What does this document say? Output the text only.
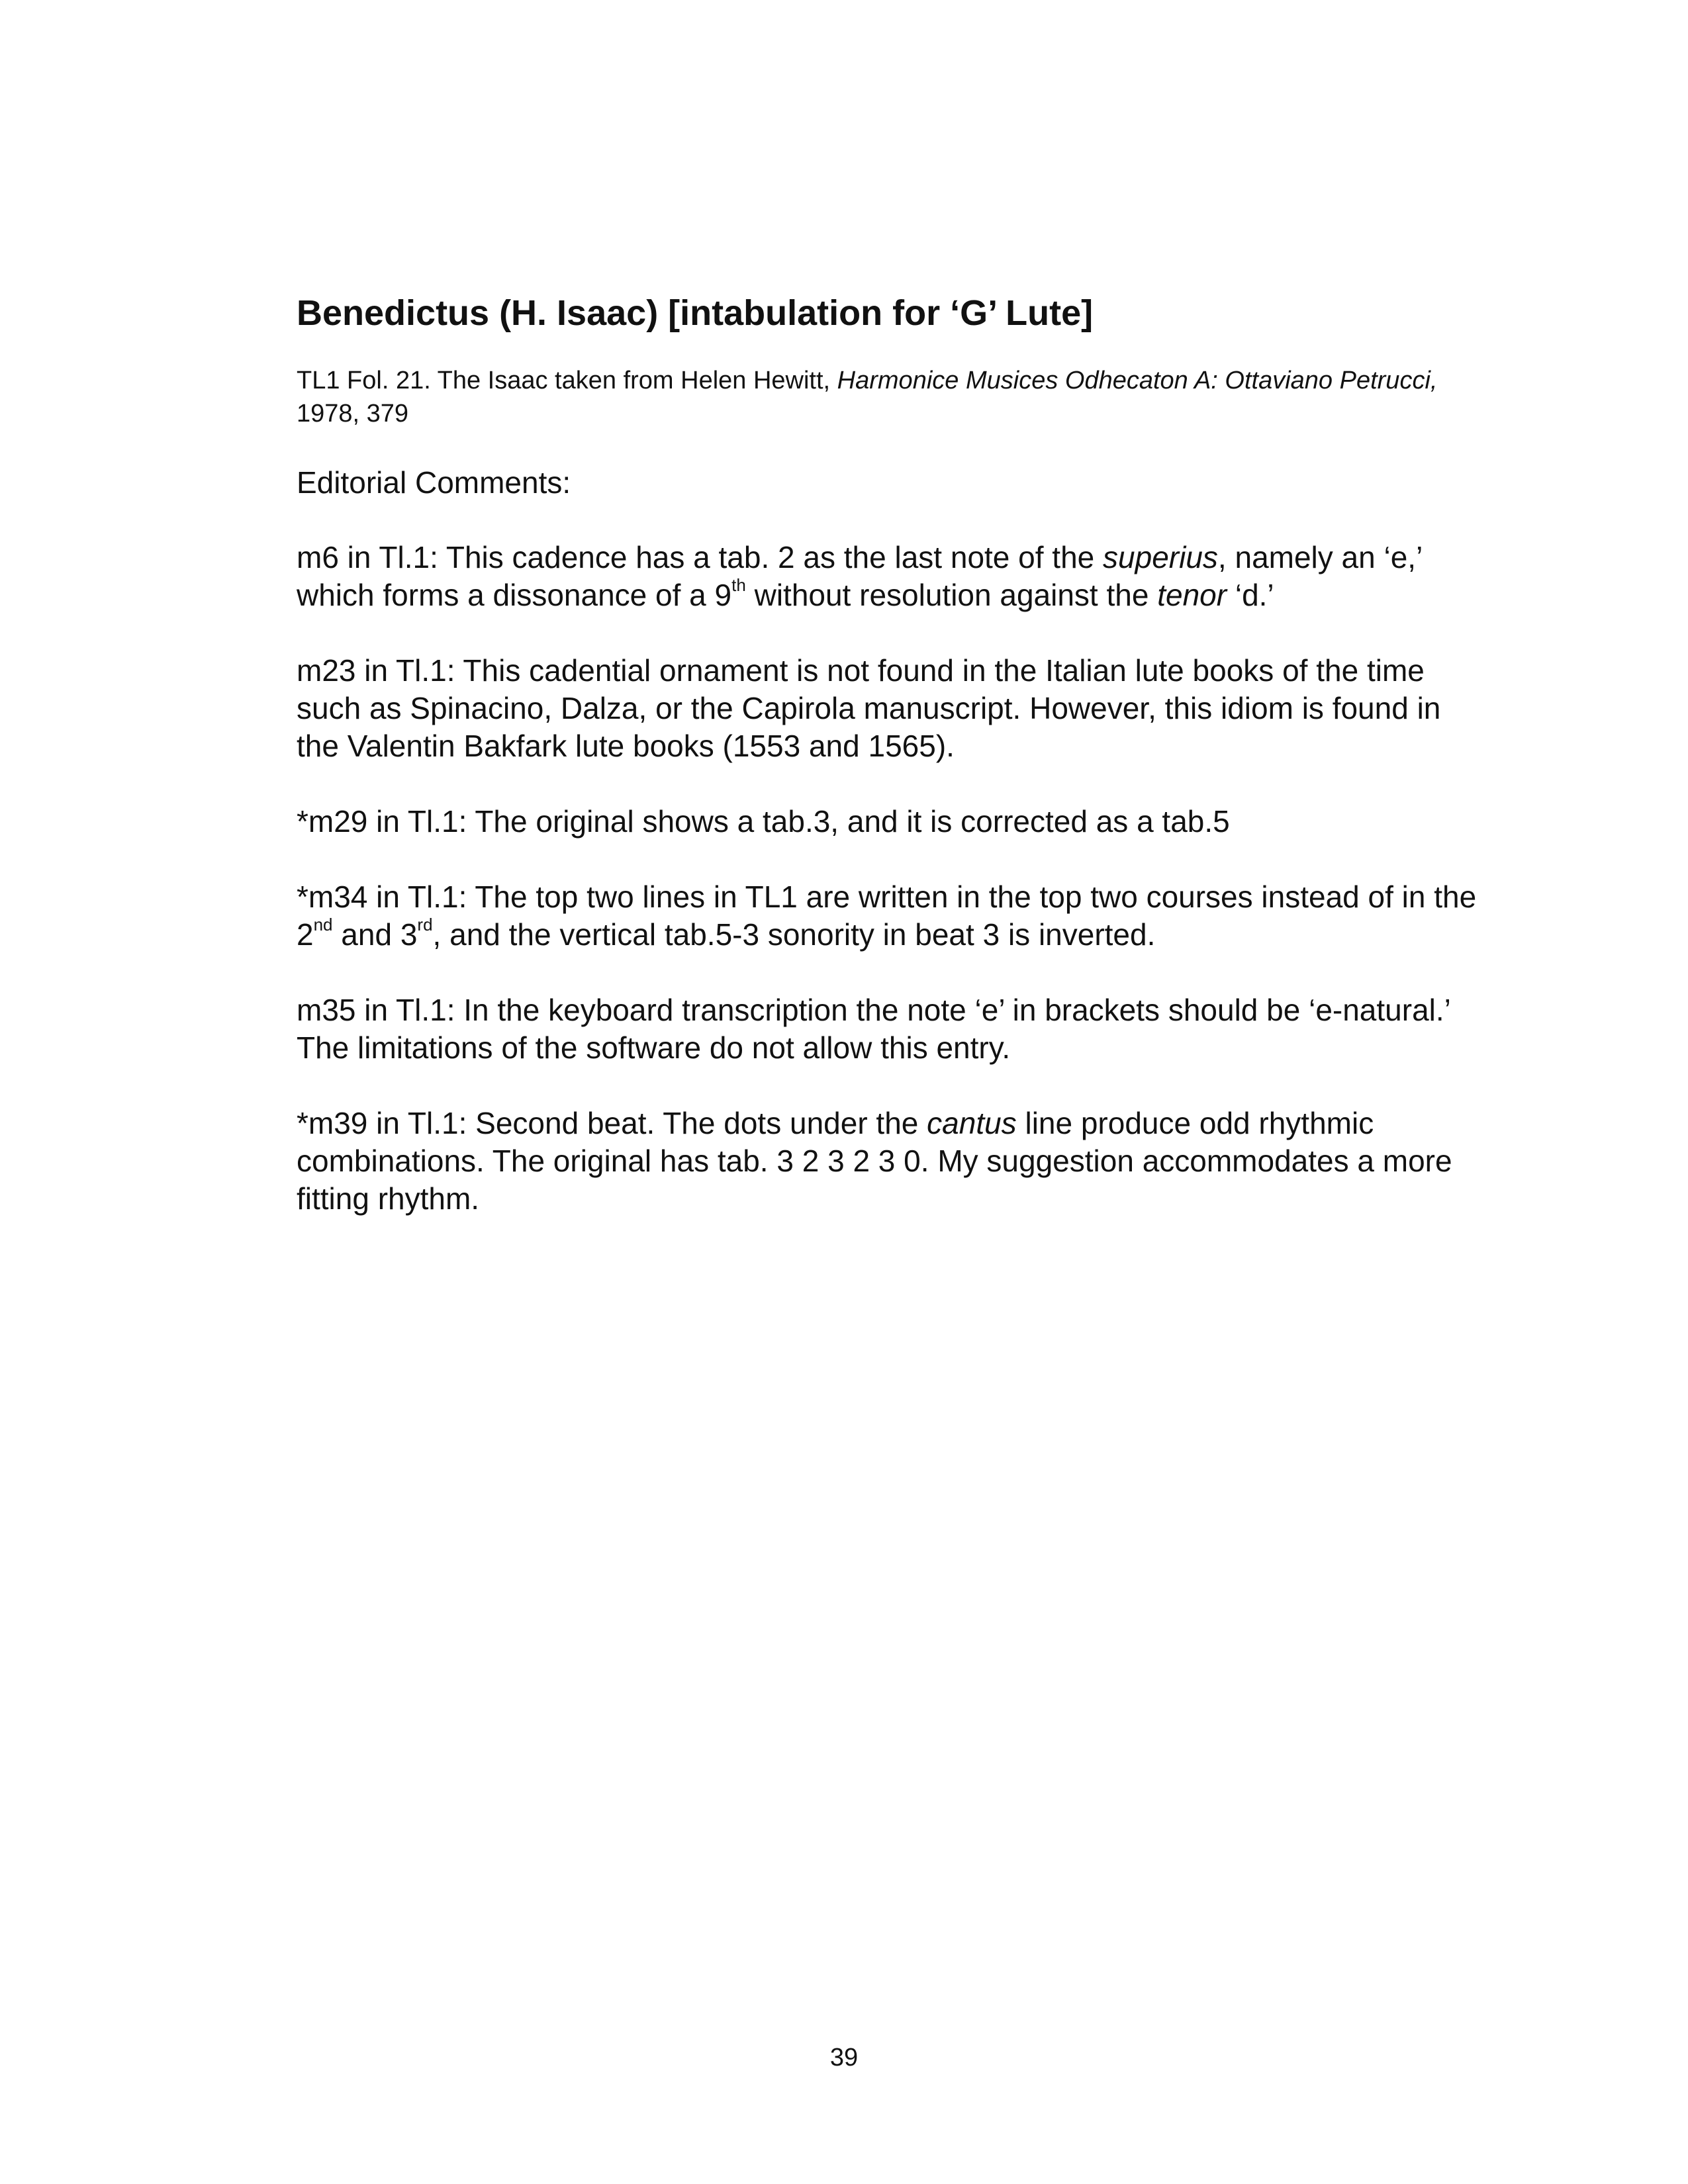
Benedictus (H. Isaac) [intabulation for ‘G’ Lute]

TL1 Fol. 21. The Isaac taken from Helen Hewitt, Harmonice Musices Odhecaton A: Ottaviano Petrucci, 1978, 379

Editorial Comments:

m6 in Tl.1: This cadence has a tab. 2 as the last note of the superius, namely an ‘e,’ which forms a dissonance of a 9th without resolution against the tenor ‘d.’

m23 in Tl.1: This cadential ornament is not found in the Italian lute books of the time such as Spinacino, Dalza, or the Capirola manuscript. However, this idiom is found in the Valentin Bakfark lute books (1553 and 1565).

*m29 in Tl.1: The original shows a tab.3, and it is corrected as a tab.5

*m34 in Tl.1: The top two lines in TL1 are written in the top two courses instead of in the 2nd and 3rd, and the vertical tab.5-3 sonority in beat 3 is inverted.

m35 in Tl.1: In the keyboard transcription the note ‘e’ in brackets should be ‘e-natural.’ The limitations of the software do not allow this entry.

*m39 in Tl.1: Second beat. The dots under the cantus line produce odd rhythmic combinations. The original has tab. 3 2 3 2 3 0. My suggestion accommodates a more fitting rhythm.

39
